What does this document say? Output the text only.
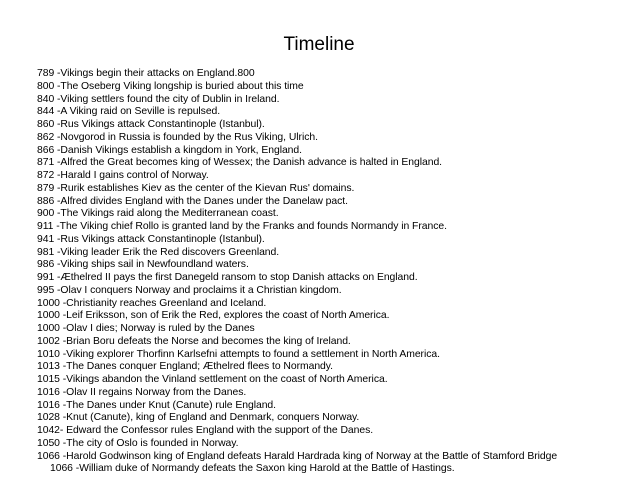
Timeline
789 -Vikings begin their attacks on England.800
800 -The Oseberg Viking longship is buried about this time
840 -Viking settlers found the city of Dublin in Ireland.
844 -A Viking raid on Seville is repulsed.
860 -Rus Vikings attack Constantinople (Istanbul).
862 -Novgorod in Russia is founded by the Rus Viking, Ulrich.
866 -Danish Vikings establish a kingdom in York, England.
871 -Alfred the Great becomes king of Wessex; the Danish advance is halted in England.
872 -Harald I gains control of Norway.
879 -Rurik establishes Kiev as the center of the Kievan Rus' domains.
886 -Alfred divides England with the Danes under the Danelaw pact.
900 -The Vikings raid along the Mediterranean coast.
911 -The Viking chief Rollo is granted land by the Franks and founds Normandy in France.
941 -Rus Vikings attack Constantinople (Istanbul).
981 -Viking leader Erik the Red discovers Greenland.
986 -Viking ships sail in Newfoundland waters.
991 -Æthelred II pays the first Danegeld ransom to stop Danish attacks on England.
995 -Olav I conquers Norway and proclaims it a Christian kingdom.
1000 -Christianity reaches Greenland and Iceland.
1000 -Leif Eriksson, son of Erik the Red, explores the coast of North America.
1000 -Olav I dies; Norway is ruled by the Danes
1002 -Brian Boru defeats the Norse and becomes the king of Ireland.
1010 -Viking explorer Thorfinn Karlsefni attempts to found a settlement in North America.
1013 -The Danes conquer England; Æthelred flees to Normandy.
1015 -Vikings abandon the Vinland settlement on the coast of North America.
1016 -Olav II regains Norway from the Danes.
1016 -The Danes under Knut (Canute) rule England.
1028 -Knut (Canute), king of England and Denmark, conquers Norway.
1042- Edward the Confessor rules England with the support of the Danes.
1050 -The city of Oslo is founded in Norway.
1066 -Harold Godwinson king of England defeats Harald Hardrada king of Norway at the Battle of Stamford Bridge
1066 -William duke of Normandy defeats the Saxon king Harold at the Battle of Hastings.
